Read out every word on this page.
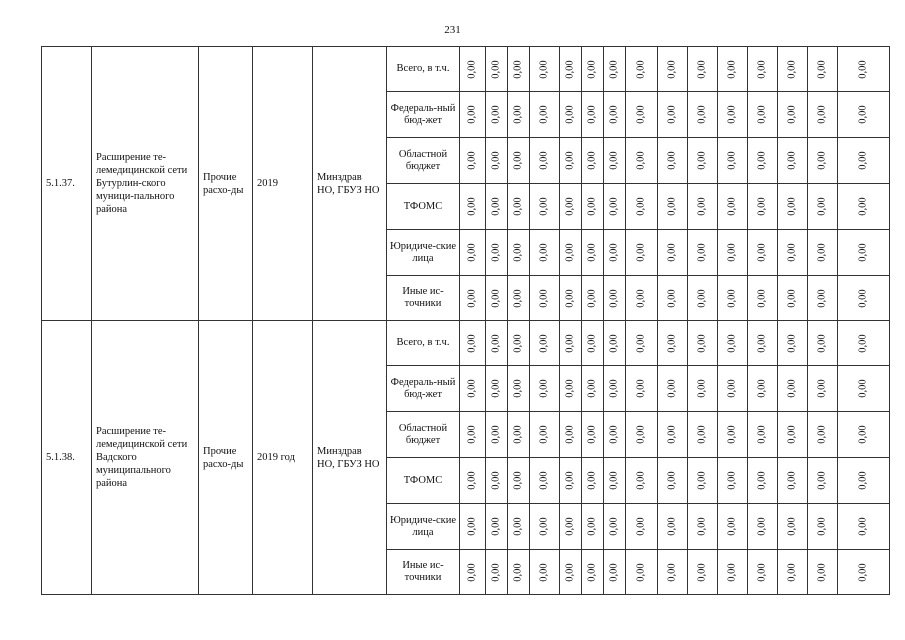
231
5.1.37.	Расширение те-лемедицинской сети Бутурлин-ского муници-пального района	Прочие расхо-ды	2019	Минздрав НО, ГБУЗ НО	Всего, в т.ч.	0,00	0,00	0,00	0,00	0,00	0,00	0,00	0,00	0,00	0,00	0,00	0,00	0,00	0,00	0,00
					Федераль-ный бюд-жет	0,00	0,00	0,00	0,00	0,00	0,00	0,00	0,00	0,00	0,00	0,00	0,00	0,00	0,00	0,00
					Областной бюджет	0,00	0,00	0,00	0,00	0,00	0,00	0,00	0,00	0,00	0,00	0,00	0,00	0,00	0,00	0,00
					ТФОМС	0,00	0,00	0,00	0,00	0,00	0,00	0,00	0,00	0,00	0,00	0,00	0,00	0,00	0,00	0,00
					Юридиче-ские лица	0,00	0,00	0,00	0,00	0,00	0,00	0,00	0,00	0,00	0,00	0,00	0,00	0,00	0,00	0,00
					Иные ис-точники	0,00	0,00	0,00	0,00	0,00	0,00	0,00	0,00	0,00	0,00	0,00	0,00	0,00	0,00	0,00
5.1.38.	Расширение те-лемедицинской сети Вадского муниципального района	Прочие расхо-ды	2019 год	Минздрав НО, ГБУЗ НО	Всего, в т.ч.	0,00	0,00	0,00	0,00	0,00	0,00	0,00	0,00	0,00	0,00	0,00	0,00	0,00	0,00	0,00
					Федераль-ный бюд-жет	0,00	0,00	0,00	0,00	0,00	0,00	0,00	0,00	0,00	0,00	0,00	0,00	0,00	0,00	0,00
					Областной бюджет	0,00	0,00	0,00	0,00	0,00	0,00	0,00	0,00	0,00	0,00	0,00	0,00	0,00	0,00	0,00
					ТФОМС	0,00	0,00	0,00	0,00	0,00	0,00	0,00	0,00	0,00	0,00	0,00	0,00	0,00	0,00	0,00
					Юридиче-ские лица	0,00	0,00	0,00	0,00	0,00	0,00	0,00	0,00	0,00	0,00	0,00	0,00	0,00	0,00	0,00
					Иные ис-точники	0,00	0,00	0,00	0,00	0,00	0,00	0,00	0,00	0,00	0,00	0,00	0,00	0,00	0,00	0,00
